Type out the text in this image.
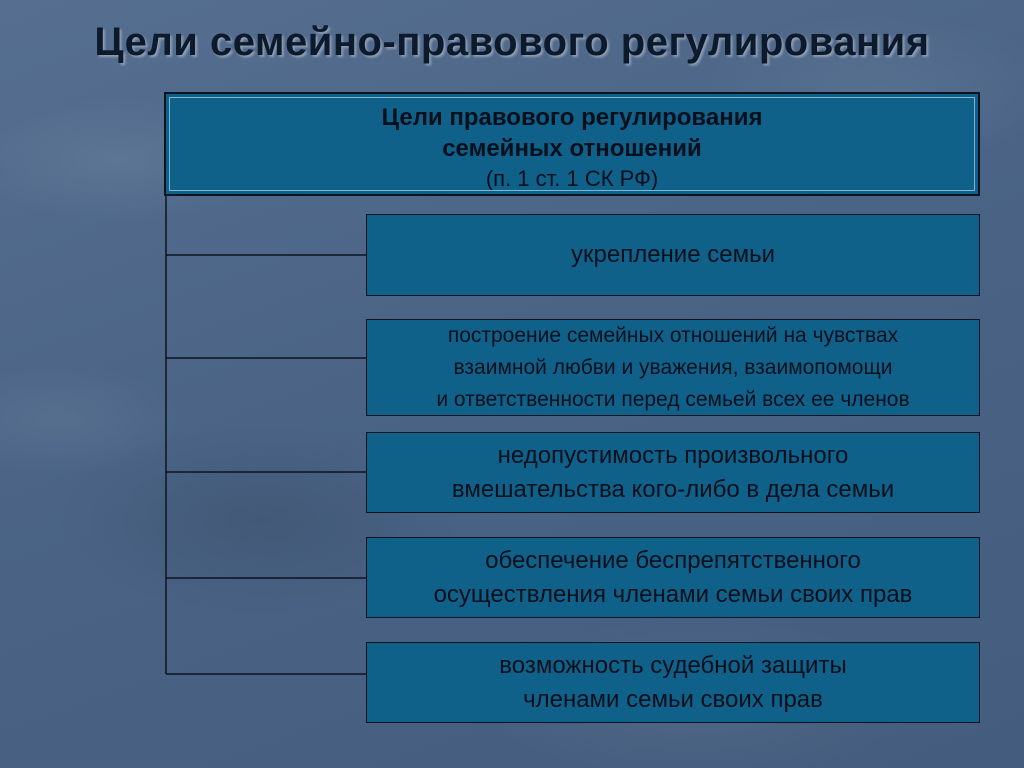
Цели семейно-правового регулирования
Цели правового регулирования
семейных отношений
(п. 1 ст. 1 СК РФ)
укрепление семьи
построение семейных отношений на чувствах
взаимной любви и уважения, взаимопомощи
и ответственности перед семьей всех ее членов
недопустимость произвольного
вмешательства кого-либо в дела семьи
обеспечение беспрепятственного
осуществления членами семьи своих прав
возможность судебной защиты
членами семьи своих прав
